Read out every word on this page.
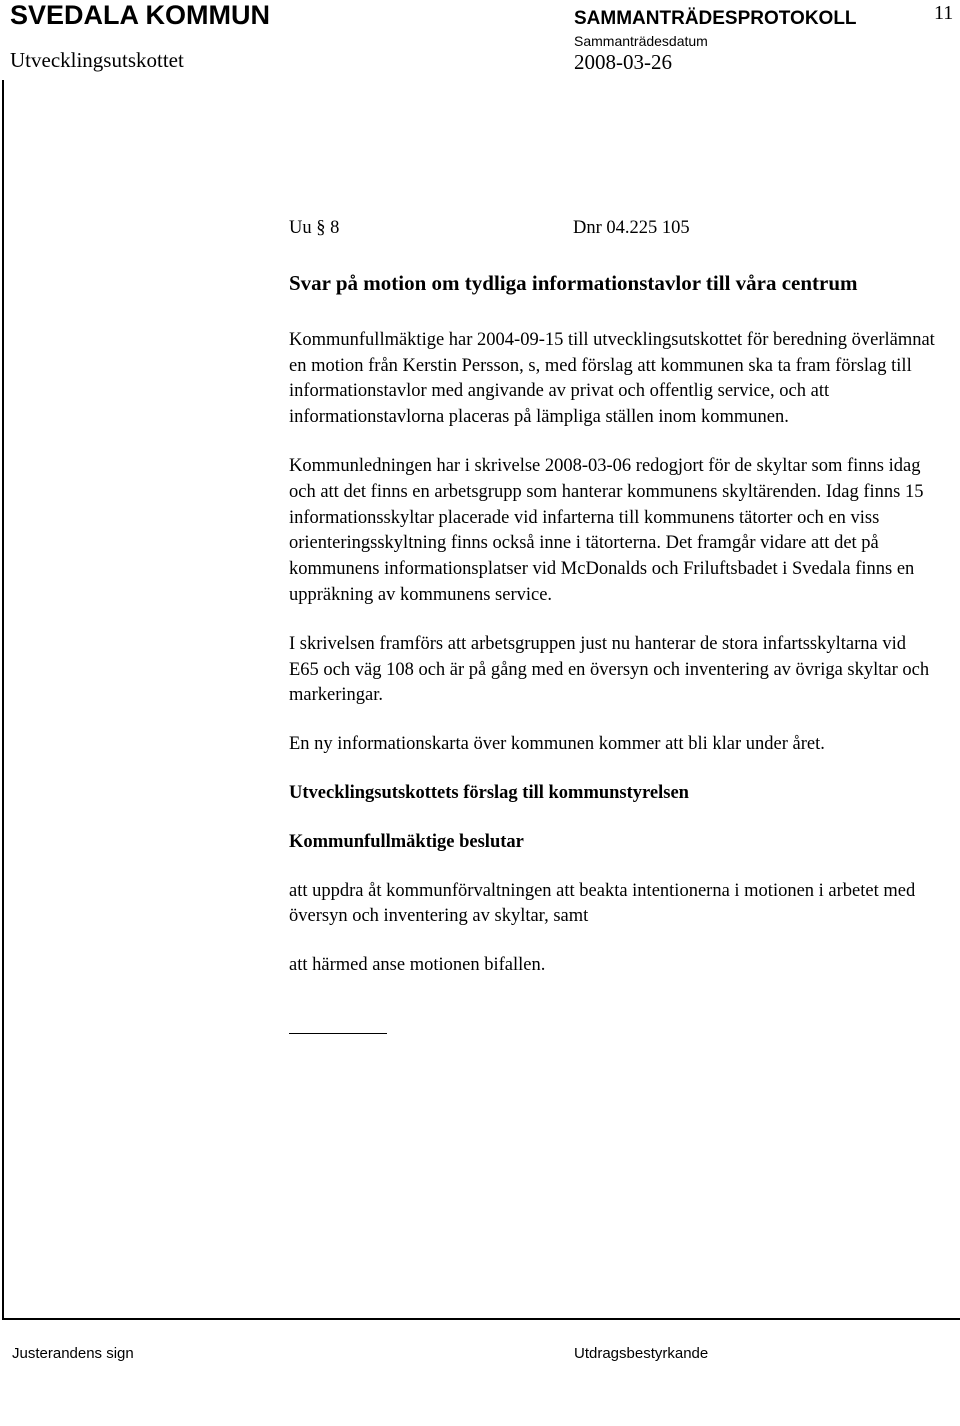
SVEDALA KOMMUN	SAMMANTRÄDESPROTOKOLL	11
Utvecklingsutskottet
Sammanträdesdatum
2008-03-26
Uu § 8	Dnr 04.225 105
Svar på motion om tydliga informationstavlor till våra centrum

Kommunfullmäktige har 2004-09-15 till utvecklingsutskottet för beredning överlämnat en motion från Kerstin Persson, s, med förslag att kommunen ska ta fram förslag till informationstavlor med angivande av privat och offentlig service, och att informationstavlorna placeras på lämpliga ställen inom kommunen.

Kommunledningen har i skrivelse 2008-03-06 redogjort för de skyltar som finns idag och att det finns en arbetsgrupp som hanterar kommunens skyltärenden. Idag finns 15 informationsskyltar placerade vid infarterna till kommunens tätorter och en viss orienteringsskyltning finns också inne i tätorterna. Det framgår vidare att det på kommunens informationsplatser vid McDonalds och Friluftsbadet i Svedala finns en uppräkning av kommunens service.

I skrivelsen framförs att arbetsgruppen just nu hanterar de stora infartsskyltarna vid E65 och väg 108 och är på gång med en översyn och inventering av övriga skyltar och markeringar.

En ny informationskarta över kommunen kommer att bli klar under året.

Utvecklingsutskottets förslag till kommunstyrelsen

Kommunfullmäktige beslutar

att uppdra åt kommunförvaltningen att beakta intentionerna i motionen i arbetet med översyn och inventering av skyltar, samt

att härmed anse motionen bifallen.

Justerandens sign	Utdragsbestyrkande
